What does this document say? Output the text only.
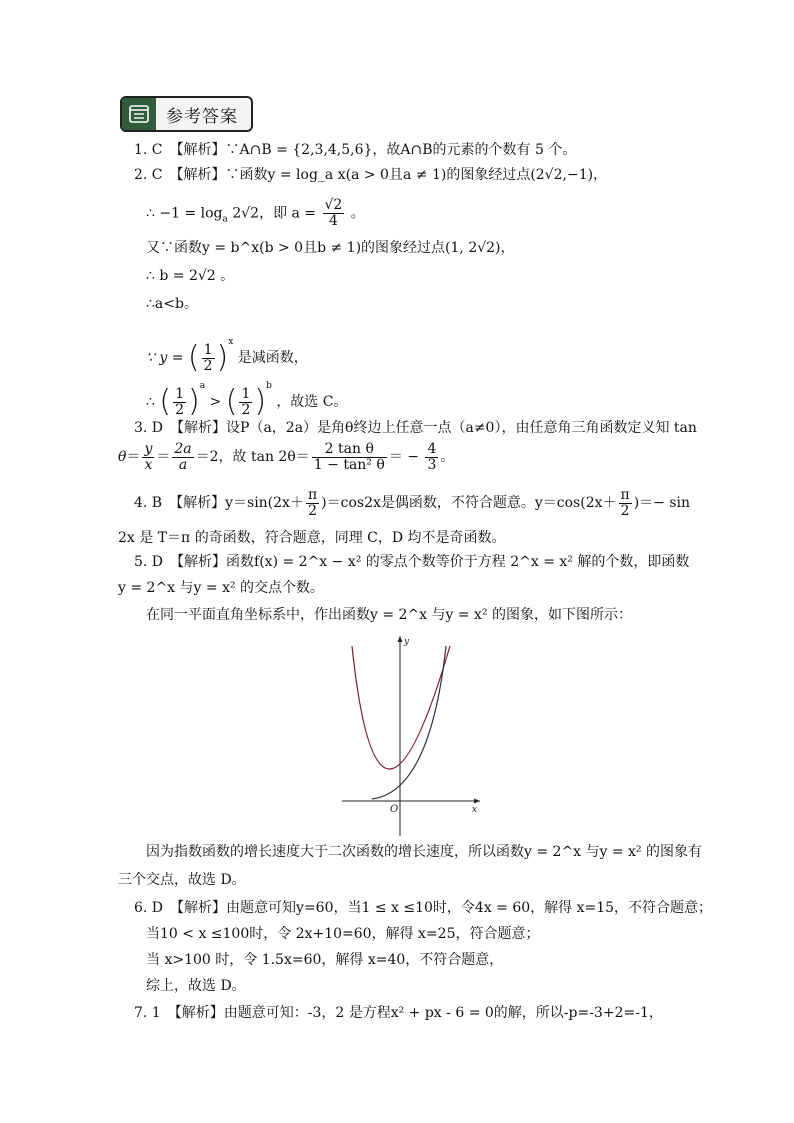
参考答案
1. C　【解析】∵A∩B = {2,3,4,5,6}，故A∩B的元素的个数有 5 个。
2. C　【解析】∵函数y = log_a x(a > 0且a ≠ 1)的图象经过点(2√2,−1)，
∴ $-1 = \log_a 2√2$，即 $a = \frac{√2}{4}$ 。
又∵函数y = b^x(b > 0且b ≠ 1)的图象经过点(1, 2√2)，
∴ b = 2√2 。
∴a<b。
∵ y = ( $\frac{1}{2} )^x$ 是减函数，
∴ ( $\frac{1}{2} )^a$ > ( $\frac{1}{2} )^b$ ，故选 C。
3. D　【解析】设P（a，2a）是角θ终边上任意一点（a≠0），由任意角三角函数定义知 tan
$\theta= \frac{y}{x} = \frac{2a}{a} =2$，故 $\tan 2\theta= \frac{\text{2 tan θ}}{\text{1 − tan² θ}}$ ＝ − $\frac{4}{3}$ 。
4. B　【解析】$y=\sin(2x+ \frac{\pi}{2} )=\cos 2x$是偶函数，不符合题意。$y=\cos(2x+ \frac{\pi}{2}$ )＝− sin
2x 是 T＝π 的奇函数，符合题意，同理 C，D 均不是奇函数。
5. D　【解析】函数f(x) = 2^x − x² 的零点个数等价于方程 2^x = x² 解的个数，即函数
y = 2^x 与y = x² 的交点个数。
在同一平面直角坐标系中，作出函数y = 2^x 与y = x² 的图象，如下图所示：
y
x
O
因为指数函数的增长速度大于二次函数的增长速度，所以函数y = 2^x 与y = x² 的图象有
三个交点，故选 D。
6. D　【解析】由题意可知y=60，当1 ≤ x ≤10时，令4x = 60，解得 x=15，不符合题意；
当10 < x ≤100时，令 2x+10=60，解得 x=25，符合题意；
当 x>100 时，令 1.5x=60，解得 x=40，不符合题意，
综上，故选 D。
7. 1　【解析】由题意可知：-3，2 是方程x² + px - 6 = 0的解，所以-p=-3+2=-1，
